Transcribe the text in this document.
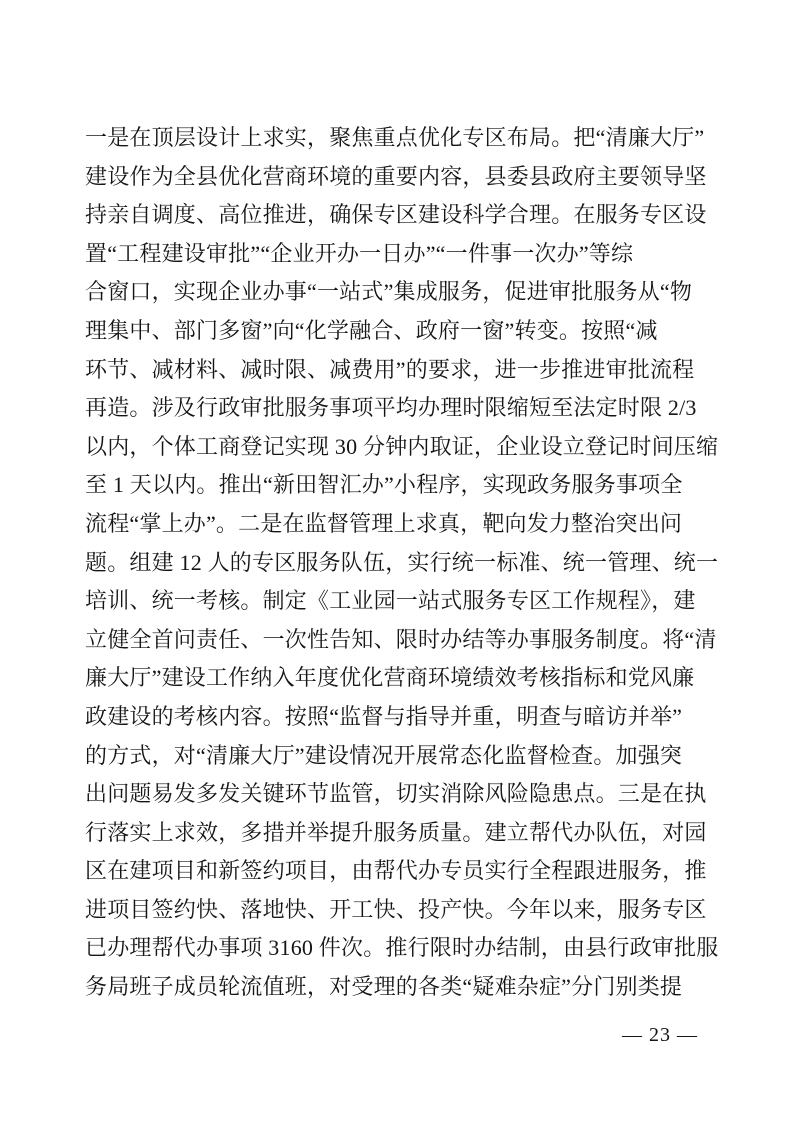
一是在顶层设计上求实，聚焦重点优化专区布局。把“清廉大厅”
建设作为全县优化营商环境的重要内容，县委县政府主要领导坚
持亲自调度、高位推进，确保专区建设科学合理。在服务专区设
置“工程建设审批”“企业开办一日办”“一件事一次办”等综
合窗口，实现企业办事“一站式”集成服务，促进审批服务从“物
理集中、部门多窗”向“化学融合、政府一窗”转变。按照“减
环节、减材料、减时限、减费用”的要求，进一步推进审批流程
再造。涉及行政审批服务事项平均办理时限缩短至法定时限 2/3
以内，个体工商登记实现 30 分钟内取证，企业设立登记时间压缩
至 1 天以内。推出“新田智汇办”小程序，实现政务服务事项全
流程“掌上办”。二是在监督管理上求真，靶向发力整治突出问
题。组建 12 人的专区服务队伍，实行统一标准、统一管理、统一
培训、统一考核。制定《工业园一站式服务专区工作规程》，建
立健全首问责任、一次性告知、限时办结等办事服务制度。将“清
廉大厅”建设工作纳入年度优化营商环境绩效考核指标和党风廉
政建设的考核内容。按照“监督与指导并重，明查与暗访并举”
的方式，对“清廉大厅”建设情况开展常态化监督检查。加强突
出问题易发多发关键环节监管，切实消除风险隐患点。三是在执
行落实上求效，多措并举提升服务质量。建立帮代办队伍，对园
区在建项目和新签约项目，由帮代办专员实行全程跟进服务，推
进项目签约快、落地快、开工快、投产快。今年以来，服务专区
已办理帮代办事项 3160 件次。推行限时办结制，由县行政审批服
务局班子成员轮流值班，对受理的各类“疑难杂症”分门别类提
— 23 —
